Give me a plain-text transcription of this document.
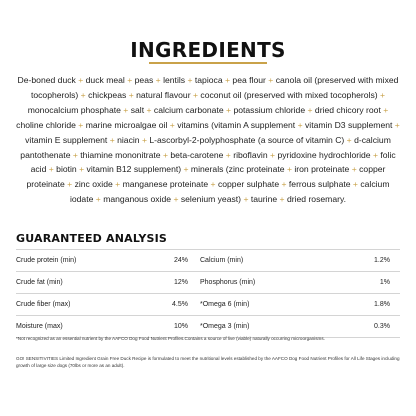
INGREDIENTS
De-boned duck + duck meal + peas + lentils + tapioca + pea flour + canola oil (preserved with mixed tocopherols) + chickpeas + natural flavour + coconut oil (preserved with mixed tocopherols) + monocalcium phosphate + salt + calcium carbonate + potassium chloride + dried chicory root + choline chloride + marine microalgae oil + vitamins (vitamin A supplement + vitamin D3 supplement + vitamin E supplement + niacin + L-ascorbyl-2-polyphosphate (a source of vitamin C) + d-calcium pantothenate + thiamine mononitrate + beta-carotene + riboflavin + pyridoxine hydrochloride + folic acid + biotin + vitamin B12 supplement) + minerals (zinc proteinate + iron proteinate + copper proteinate + zinc oxide + manganese proteinate + copper sulphate + ferrous sulphate + calcium iodate + manganous oxide + selenium yeast) + taurine + dried rosemary.
GUARANTEED ANALYSIS
Crude protein (min)	24% Calcium (min)	1.2%
Crude fat (min)	12% Phosphorus (min)	1%
Crude fiber (max)	4.5% *Omega 6 (min)	1.8%
Moisture (max)	10% *Omega 3 (min)	0.3%
*Not recognized as an essential nutrient by the AAFCO Dog Food Nutrient Profiles.Contains a source of live (viable) naturally occurring microorganisms.
GO! SENSITIVITIES Limited Ingredient Grain Free Duck Recipe is formulated to meet the nutritional levels established by the AAFCO Dog Food Nutrient Profiles for All Life Stages including growth of large size dogs (70lbs or more as an adult).
